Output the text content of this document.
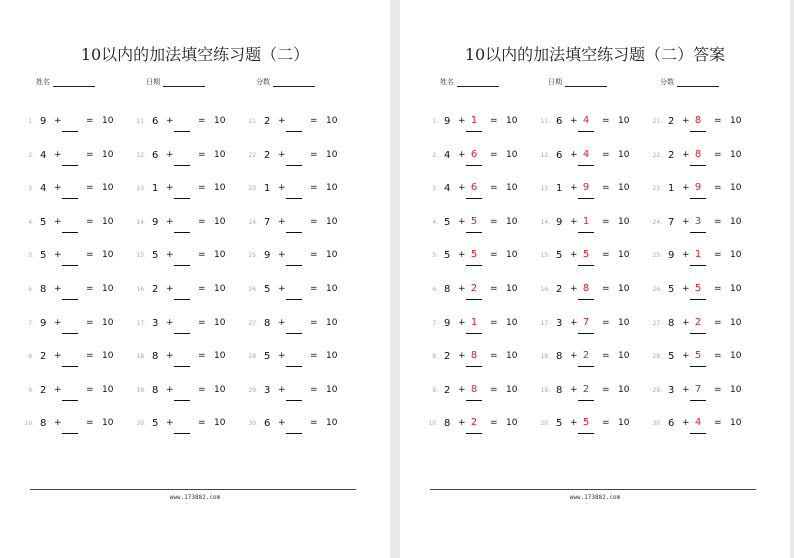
10以内的加法填空练习题（二）
姓名	日期	分数
1. 9 +	= 10
2. 4 +	= 10
3. 4 +	= 10
4. 5 +	= 10
5. 5 +	= 10
6. 8 +	= 10
7. 9 +	= 10
8. 2 +	= 10
9. 2 +	= 10
10. 8 +	= 10
11. 6 +	= 10
12. 6 +	= 10
13. 1 +	= 10
14. 9 +	= 10
15. 5 +	= 10
16. 2 +	= 10
17. 3 +	= 10
18. 8 +	= 10
19. 8 +	= 10
20. 5 +	= 10
21. 2 +	= 10
22. 2 +	= 10
23. 1 +	= 10
24. 7 +	= 10
25. 9 +	= 10
26. 5 +	= 10
27. 8 +	= 10
28. 5 +	= 10
29. 3 +	= 10
30. 6 +	= 10
www.173882.com
10以内的加法填空练习题（二）答案
姓名	日期	分数
1. 9 + 1	= 10
2. 4 + 6	= 10
3. 4 + 6	= 10
4. 5 + 5	= 10
5. 5 + 5	= 10
6. 8 + 2	= 10
7. 9 + 1	= 10
8. 2 + 8	= 10
9. 2 + 8	= 10
10. 8 + 2	= 10
11. 6 + 4	= 10
12. 6 + 4	= 10
13. 1 + 9	= 10
14. 9 + 1	= 10
15. 5 + 5	= 10
16. 2 + 8	= 10
17. 3 + 7	= 10
18. 8 + 2	= 10
19. 8 + 2	= 10
20. 5 + 5	= 10
21. 2 + 8	= 10
22. 2 + 8	= 10
23. 1 + 9	= 10
24. 7 + 3	= 10
25. 9 + 1	= 10
26. 5 + 5	= 10
27. 8 + 2	= 10
28. 5 + 5	= 10
29. 3 + 7	= 10
30. 6 + 4	= 10
www.173882.com
